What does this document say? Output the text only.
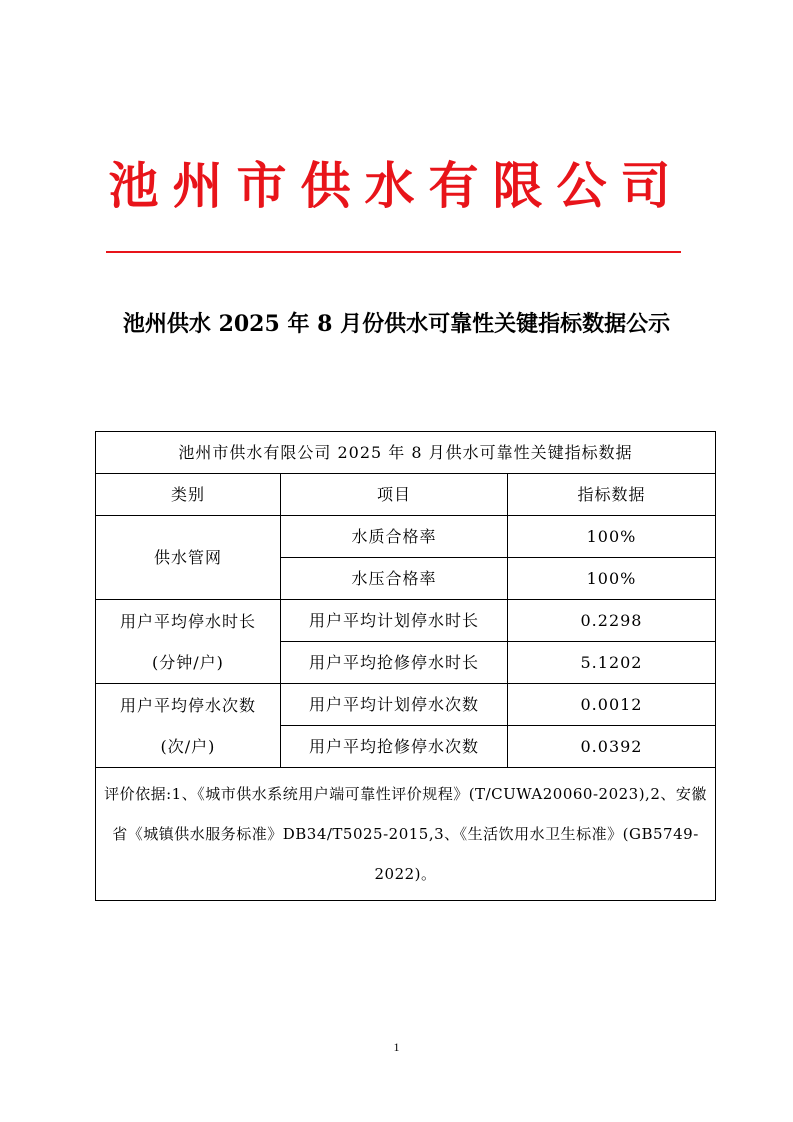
池州市供水有限公司
池州供水 2025 年 8 月份供水可靠性关键指标数据公示
池州市供水有限公司 2025 年 8 月供水可靠性关键指标数据		
类别	项目	指标数据
供水管网	水质合格率	100%
	水压合格率	100%

用户平均停水时长
(分钟/户)	用户平均计划停水时长	0.2298
	用户平均抢修停水时长	5.1202

用户平均停水次数
(次/户)	用户平均计划停水次数	0.0012
	用户平均抢修停水次数	0.0392
评价依据:1、《城市供水系统用户端可靠性评价规程》(T/CUWA20060-2023),2、安徽省《城镇供水服务标准》DB34/T5025-2015,3、《生活饮用水卫生标准》(GB5749-2022)。		
1
